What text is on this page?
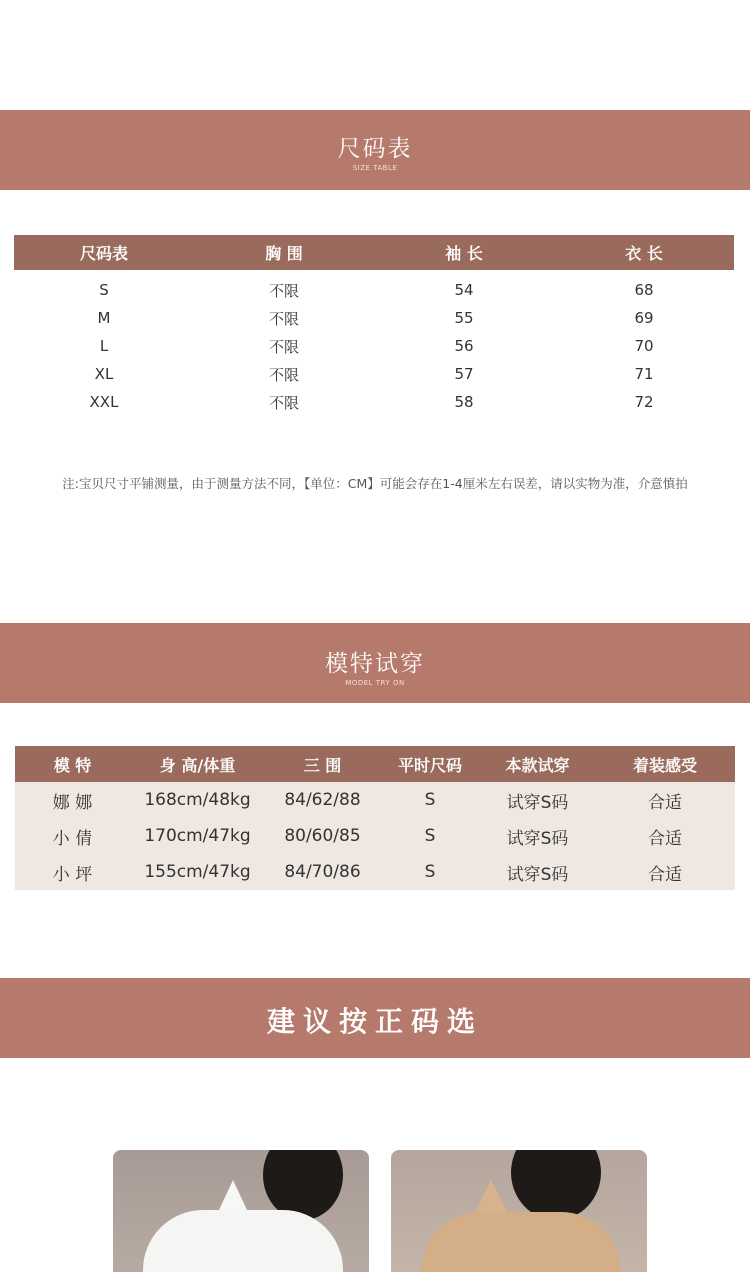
尺码表
SIZE TABLE
尺码表	胸 围	袖 长	衣 长
S	不限	54	68
M	不限	55	69
L	不限	56	70
XL	不限	57	71
XXL	不限	58	72
注:宝贝尺寸平铺测量，由于测量方法不同，【单位：CM】可能会存在1-4厘米左右误差，请以实物为准，介意慎拍
模特试穿
MODEL TRY ON
模 特	身 高/体重	三 围	平时尺码	本款试穿	着装感受
娜 娜	168cm/48kg	84/62/88	S	试穿S码	合适
小 倩	170cm/47kg	80/60/85	S	试穿S码	合适
小 坪	155cm/47kg	84/70/86	S	试穿S码	合适
建议按正码选
